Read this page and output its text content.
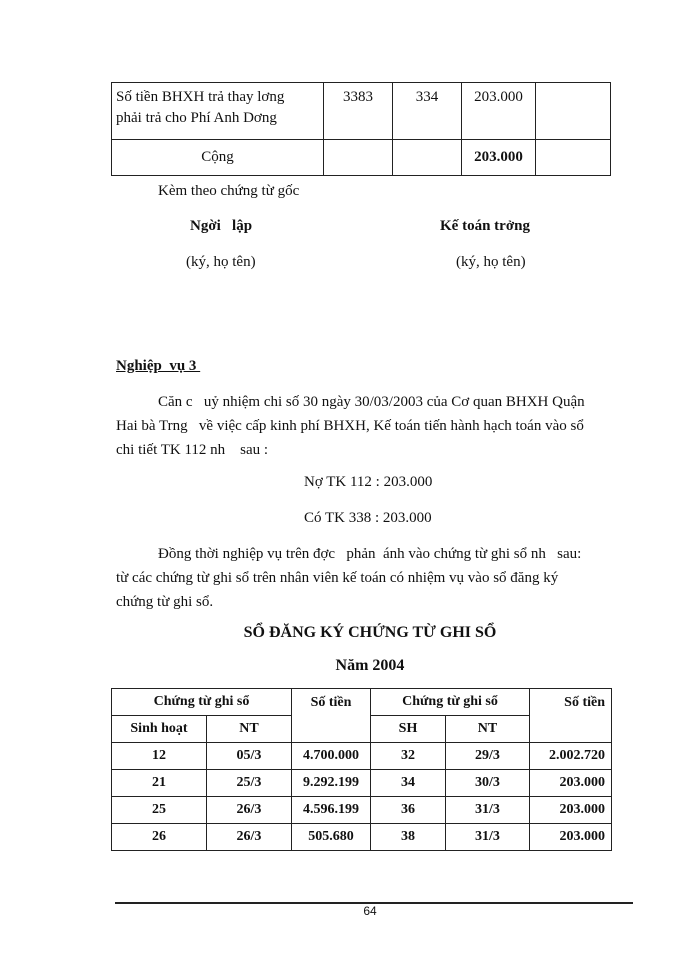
Số tiền BHXH trả thay lơng
phải trả cho Phí Anh Dơng	3383	334	203.000	
Cộng			203.000	
Kèm theo chứng từ gốc
Ngời   lập	Kế toán trởng
(ký, họ tên)	(ký, họ tên)
Nghiệp  vụ 3
Căn c   uỷ nhiệm chi số 30 ngày 30/03/2003 của Cơ quan BHXH Quận
Hai bà Trng   về việc cấp kinh phí BHXH, Kế toán tiến hành hạch toán vào sổ
chi tiết TK 112 nh    sau :
Nợ TK 112 : 203.000
Có TK 338 : 203.000
Đồng thời nghiệp vụ trên đợc   phản  ánh vào chứng từ ghi sổ nh   sau:
từ các chứng từ ghi sổ trên nhân viên kế toán có nhiệm vụ vào sổ đăng ký
chứng từ ghi sổ.
SỔ ĐĂNG KÝ CHỨNG TỪ GHI SỔ
Năm 2004
Chứng từ ghi sổ		Số tiền	Chứng từ ghi sổ		Số tiền
Sinh hoạt	NT		SH	NT	
12	05/3	4.700.000	32	29/3	2.002.720
21	25/3	9.292.199	34	30/3	203.000
25	26/3	4.596.199	36	31/3	203.000
26	26/3	505.680	38	31/3	203.000
64
